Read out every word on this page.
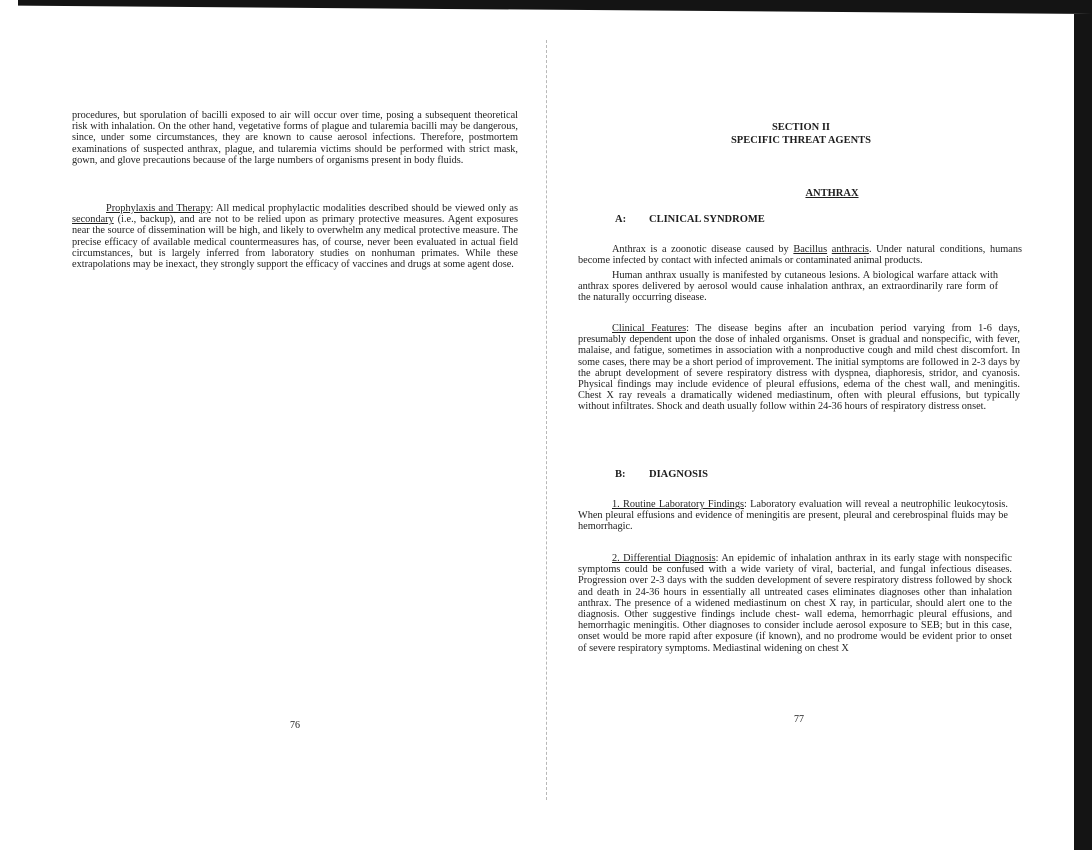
procedures, but sporulation of bacilli exposed to air will occur over time, posing a subsequent theoretical risk with inhalation. On the other hand, vegetative forms of plague and tularemia bacilli may be dangerous, since, under some circumstances, they are known to cause aerosol infections. Therefore, postmortem examinations of suspected anthrax, plague, and tularemia victims should be performed with strict mask, gown, and glove precautions because of the large numbers of organisms present in body fluids.

Prophylaxis and Therapy: All medical prophylactic modalities described should be viewed only as secondary (i.e., backup), and are not to be relied upon as primary protective measures. Agent exposures near the source of dissemination will be high, and likely to overwhelm any medical protective measure. The precise efficacy of available medical countermeasures has, of course, never been evaluated in actual field circumstances, but is largely inferred from laboratory studies on nonhuman primates. While these extrapolations may be inexact, they strongly support the efficacy of vaccines and drugs at some agent dose.

76

SECTION II

SPECIFIC THREAT AGENTS

ANTHRAX

A: CLINICAL SYNDROME

Anthrax is a zoonotic disease caused by Bacillus anthracis. Under natural conditions, humans become infected by contact with infected animals or contaminated animal products.

Human anthrax usually is manifested by cutaneous lesions. A biological warfare attack with anthrax spores delivered by aerosol would cause inhalation anthrax, an extraordinarily rare form of the naturally occurring disease.

Clinical Features: The disease begins after an incubation period varying from 1-6 days, presumably dependent upon the dose of inhaled organisms. Onset is gradual and nonspecific, with fever, malaise, and fatigue, sometimes in association with a nonproductive cough and mild chest discomfort. In some cases, there may be a short period of improvement. The initial symptoms are followed in 2-3 days by the abrupt development of severe respiratory distress with dyspnea, diaphoresis, stridor, and cyanosis. Physical findings may include evidence of pleural effusions, edema of the chest wall, and meningitis. Chest X ray reveals a dramatically widened mediastinum, often with pleural effusions, but typically without infiltrates. Shock and death usually follow within 24-36 hours of respiratory distress onset.

B: DIAGNOSIS

1. Routine Laboratory Findings: Laboratory evaluation will reveal a neutrophilic leukocytosis. When pleural effusions and evidence of meningitis are present, pleural and cerebrospinal fluids may be hemorrhagic.

2. Differential Diagnosis: An epidemic of inhalation anthrax in its early stage with nonspecific symptoms could be confused with a wide variety of viral, bacterial, and fungal infectious diseases. Progression over 2-3 days with the sudden development of severe respiratory distress followed by shock and death in 24-36 hours in essentially all untreated cases eliminates diagnoses other than inhalation anthrax. The presence of a widened mediastinum on chest X ray, in particular, should alert one to the diagnosis. Other suggestive findings include chest- wall edema, hemorrhagic pleural effusions, and hemorrhagic meningitis. Other diagnoses to consider include aerosol exposure to SEB; but in this case, onset would be more rapid after exposure (if known), and no prodrome would be evident prior to onset of severe respiratory symptoms. Mediastinal widening on chest X

77
